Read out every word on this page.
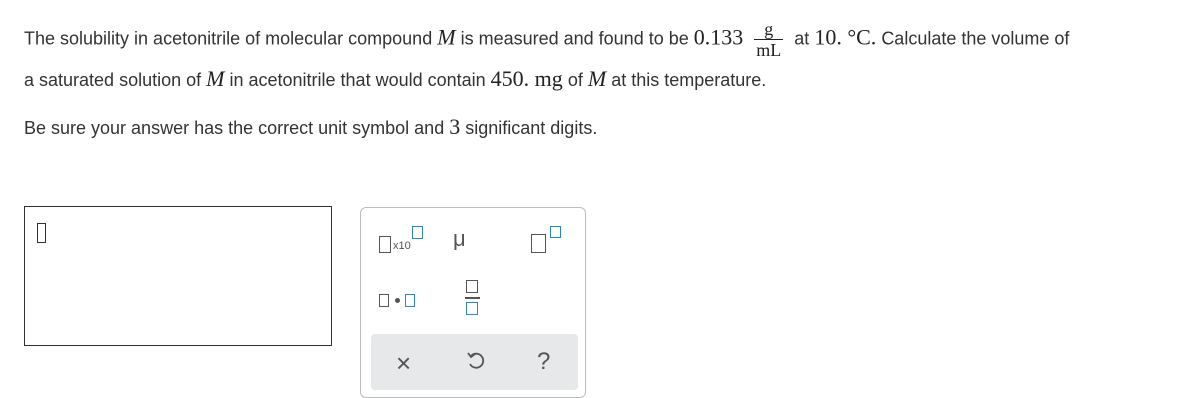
The solubility in acetonitrile of molecular compound M is measured and found to be $0.133 \frac{g}{mL}$ at 10. °C. Calculate the volume of
a saturated solution of M in acetonitrile that would contain 450. mg of M at this temperature.
Be sure your answer has the correct unit symbol and 3 significant digits.
x10 μ
×	?
